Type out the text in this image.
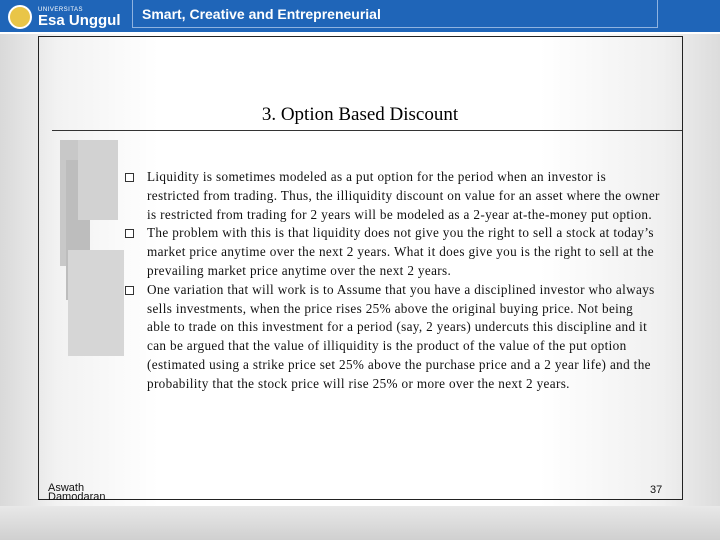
UNIVERSITAS
Esa Unggul Smart, Creative and Entrepreneurial
3. Option Based Discount
Liquidity is sometimes modeled as a put option for the period when an investor is restricted from trading. Thus, the illiquidity discount on value for an asset where the owner is restricted from trading for 2 years will be modeled as a 2-year at-the-money put option.
The problem with this is that liquidity does not give you the right to sell a stock at today’s market price anytime over the next 2 years. What it does give you is the right to sell at the prevailing market price anytime over the next 2 years.
One variation that will work is to Assume that you have a disciplined investor who always sells investments, when the price rises 25% above the original buying price. Not being able to trade on this investment for a period (say, 2 years) undercuts this discipline and it can be argued that the value of illiquidity is the product of the value of the put option (estimated using a strike price set 25% above the purchase price and a 2 year life) and the probability that the stock price will rise 25% or more over the next 2 years.
Aswath
Damodaran
37
